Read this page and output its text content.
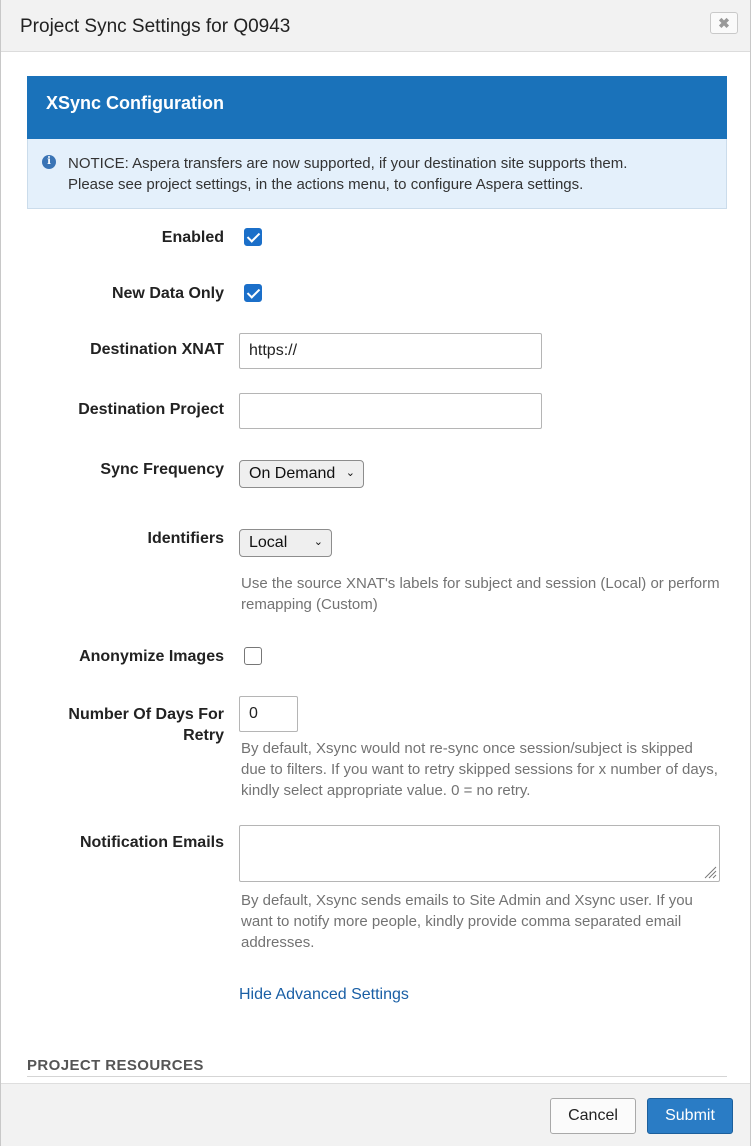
Project Sync Settings for Q0943	✖
XSync Configuration
i	NOTICE: Aspera transfers are now supported, if your destination site supports them.
Please see project settings, in the actions menu, to configure Aspera settings.
Enabled
New Data Only
Destination XNAT	https://
Destination Project
Sync Frequency	On Demand ⌄
Identifiers	Local ⌄
Use the source XNAT's labels for subject and session (Local) or perform remapping (Custom)
Anonymize Images
Number Of Days For
Retry
0
By default, Xsync would not re-sync once session/subject is skipped due to filters. If you want to retry skipped sessions for x number of days, kindly select appropriate value. 0 = no retry.
Notification Emails
By default, Xsync sends emails to Site Admin and Xsync user. If you want to notify more people, kindly provide comma separated email addresses.
Hide Advanced Settings
PROJECT RESOURCES
Cancel	Submit
